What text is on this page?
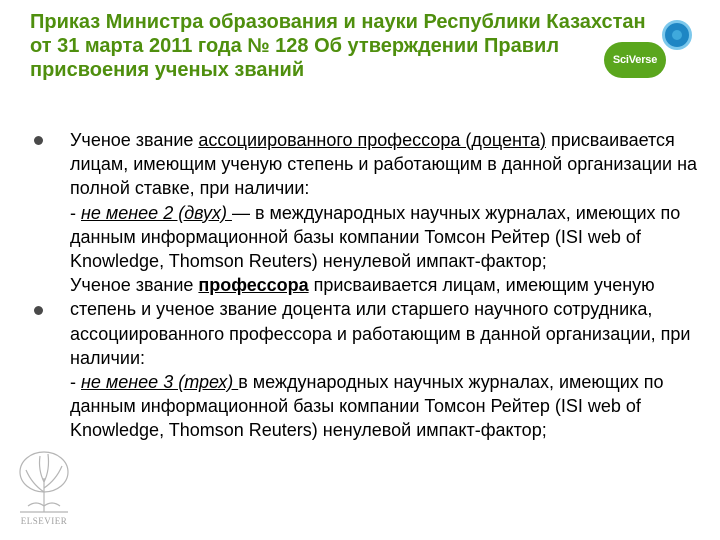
Приказ Министра образования и науки Республики Казахстан
от 31 марта 2011 года № 128 Об утверждении Правил
присвоения ученых званий	SciVerse

Ученое звание ассоциированного профессора (доцента) присваивается лицам, имеющим ученую степень и работающим в данной организации на полной ставке, при наличии:
- не менее 2 (двух) — в международных научных журналах, имеющих по данным информационной базы компании Томсон Рейтер (ISI web of Knowledge, Thomson Reuters) ненулевой импакт-фактор;

Ученое звание профессора присваивается лицам, имеющим ученую степень и ученое звание доцента или старшего научного сотрудника, ассоциированного профессора и работающим в данной организации, при наличии:
- не менее 3 (трех) в международных научных журналах, имеющих по данным информационной базы компании Томсон Рейтер (ISI web of Knowledge, Thomson Reuters) ненулевой импакт-фактор;

ELSEVIER
